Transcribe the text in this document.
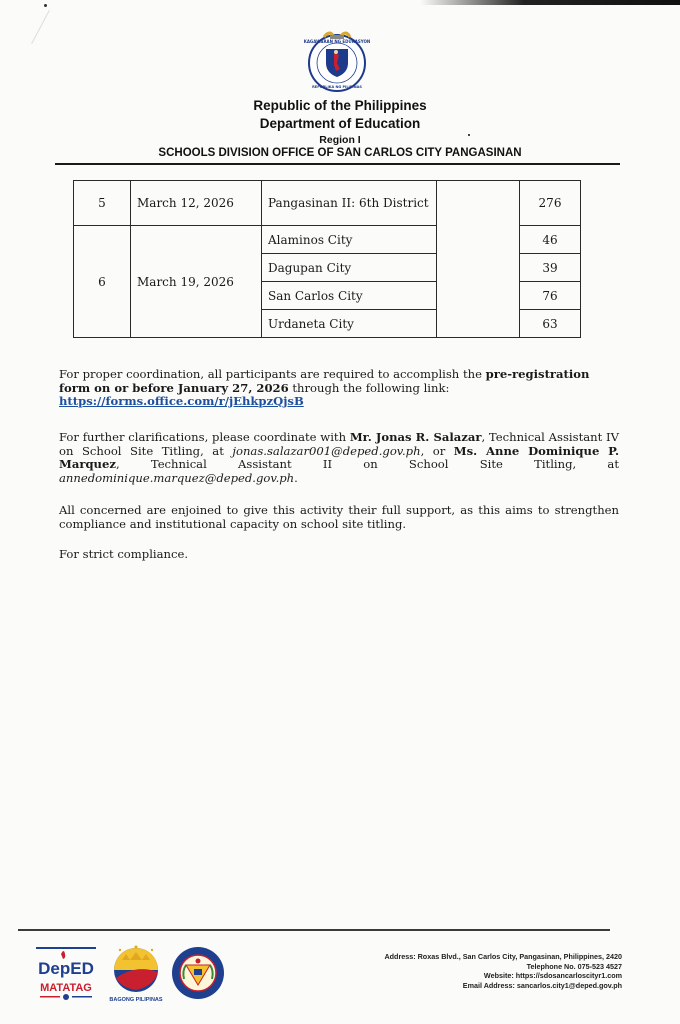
KAGAWARAN NG EDUKASYON
REPUBLIKA NG PILIPINAS
Republic of the Philippines
Department of Education
Region I
SCHOOLS DIVISION OFFICE OF SAN CARLOS CITY PANGASINAN
5	March 12, 2026	Pangasinan II: 6th District		276
6	March 19, 2026	Alaminos City		46
		Dagupan City		39
		San Carlos City		76
		Urdaneta City		63
For proper coordination, all participants are required to accomplish the pre-registration form on or before January 27, 2026 through the following link:
https://forms.office.com/r/jEhkpzQjsB
For further clarifications, please coordinate with Mr. Jonas R. Salazar, Technical Assistant IV on School Site Titling, at jonas.salazar001@deped.gov.ph, or Ms. Anne Dominique P. Marquez, Technical Assistant II on School Site Titling, at annedominique.marquez@deped.gov.ph.
All concerned are enjoined to give this activity their full support, as this aims to strengthen compliance and institutional capacity on school site titling.
For strict compliance.
DepED
MATATAG
BAGONG PILIPINAS
Address: Roxas Blvd., San Carlos City, Pangasinan, Philippines, 2420
Telephone No. 075-523 4527
Website: https://sdosancarloscityr1.com
Email Address: sancarlos.city1@deped.gov.ph
